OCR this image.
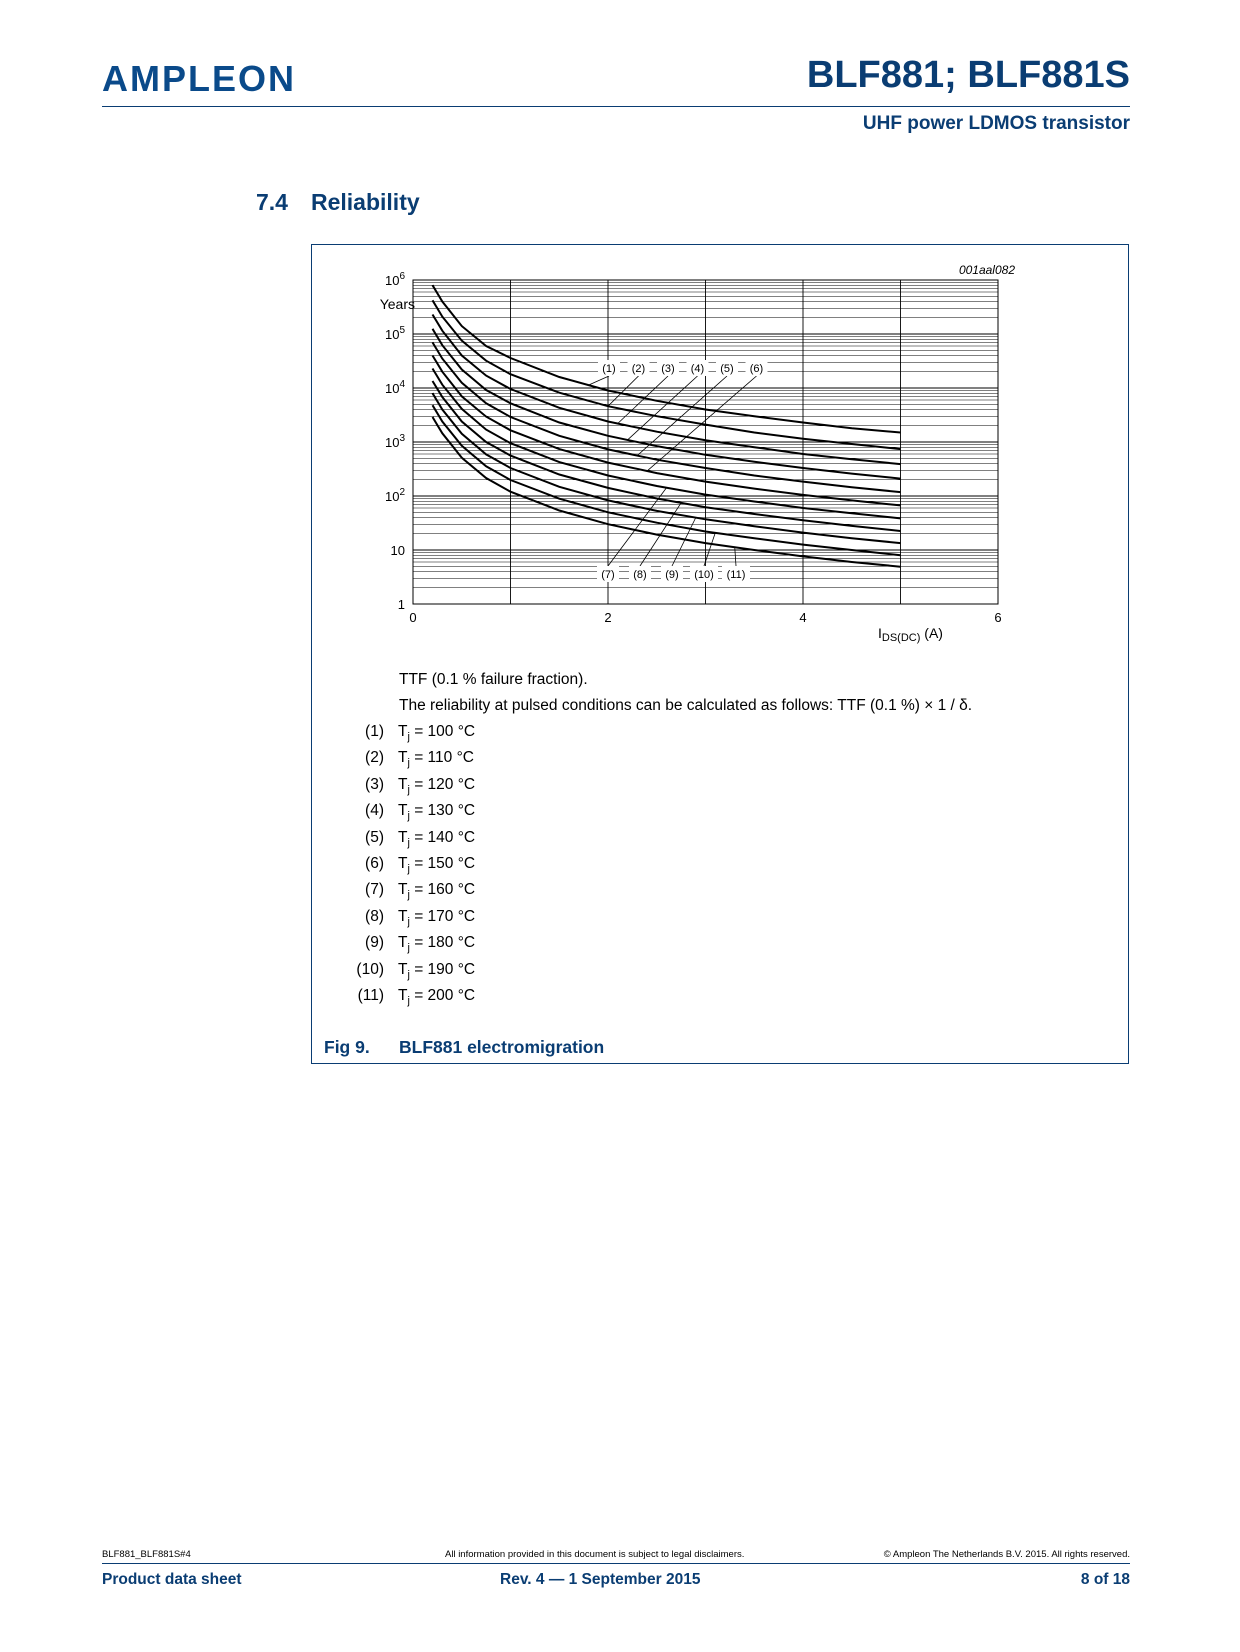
AMPLEON	BLF881; BLF881S
UHF power LDMOS transistor
7.4 Reliability
001aal082
0	2	4	6
1
10
$10^2$
$10^3$
$10^4$
$10^5$
$10^6$
(1) (2) (3) (4) (5) (6)
(7) (8) (9) (10) (11)
Years
$I_{DS(DC)}$ (A)
TTF (0.1 % failure fraction).
The reliability at pulsed conditions can be calculated as follows: TTF (0.1 %) × 1 / δ.
(1) $T_j = 100$ °C
(2) $T_j = 110$ °C
(3) $T_j = 120$ °C
(4) $T_j = 130$ °C
(5) $T_j = 140$ °C
(6) $T_j = 150$ °C
(7) $T_j = 160$ °C
(8) $T_j = 170$ °C
(9) $T_j = 180$ °C
(10) $T_j = 190$ °C
(11) $T_j = 200$ °C
Fig 9. BLF881 electromigration
BLF881_BLF881S#4	All information provided in this document is subject to legal disclaimers.	© Ampleon The Netherlands B.V. 2015. All rights reserved.
Product data sheet	Rev. 4 — 1 September 2015	8 of 18
